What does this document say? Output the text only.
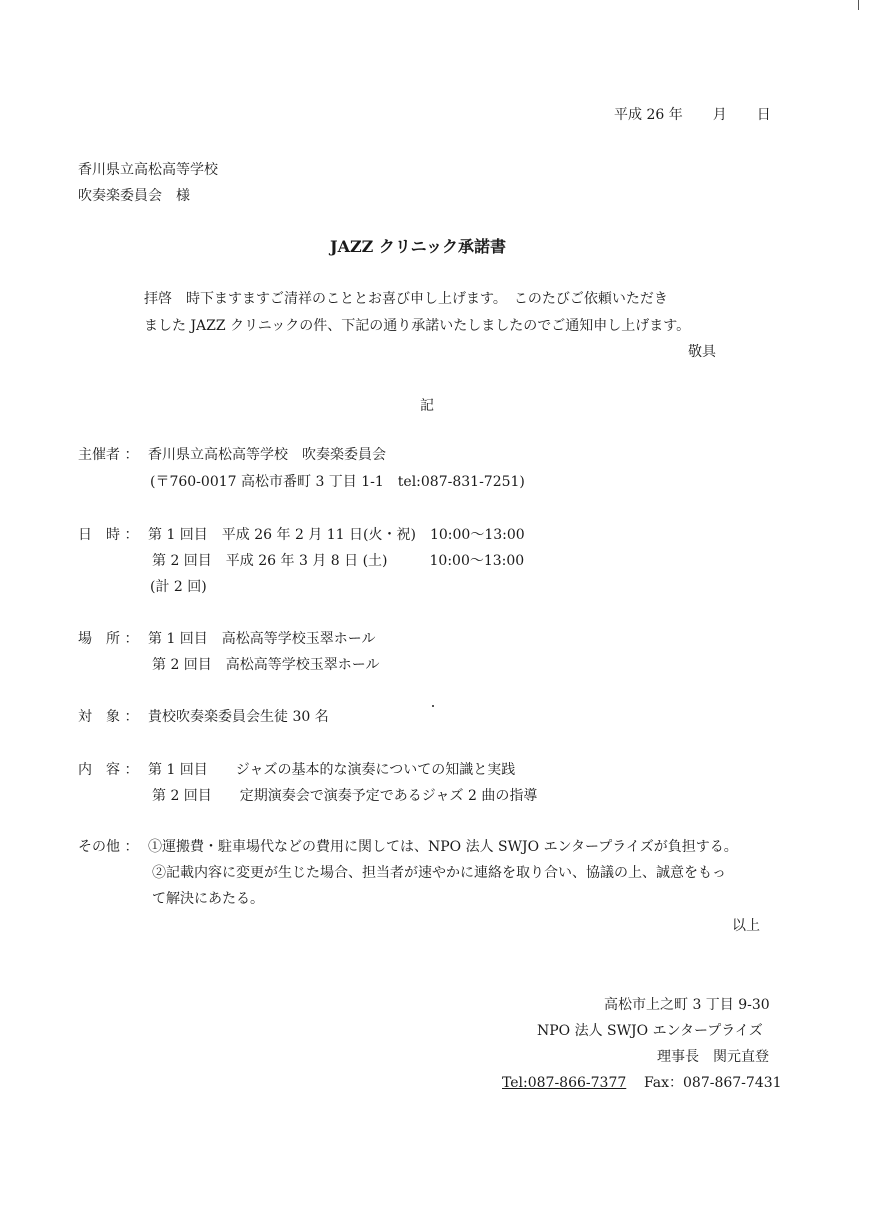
平成 26 年 月 日
香川県立高松高等学校
吹奏楽委員会　様
JAZZ クリニック承諾書
拝啓　時下ますますご清祥のこととお喜び申し上げます。　このたびご依頼いただき
ました JAZZ クリニックの件、下記の通り承諾いたしましたのでご通知申し上げます。
敬具
記
主催者 ： 香川県立高松高等学校　吹奏楽委員会
(〒760-0017 高松市番町 3 丁目 1-1　tel:087-831-7251)
日　時 ： 第 1 回目　平成 26 年 2 月 11 日(火・祝)　10:00〜13:00
第 2 回目　平成 26 年 3 月 8 日 (土)　　　10:00〜13:00
(計 2 回)
場　所 ： 第 1 回目　高松高等学校玉翠ホール
第 2 回目　高松高等学校玉翠ホール
対　象 ： 貴校吹奏楽委員会生徒 30 名
内　容 ： 第 1 回目　　ジャズの基本的な演奏についての知識と実践
第 2 回目　　定期演奏会で演奏予定であるジャズ 2 曲の指導
その他 ： ①運搬費・駐車場代などの費用に関しては、NPO 法人 SWJO エンタープライズが負担する。
②記載内容に変更が生じた場合、担当者が速やかに連絡を取り合い、協議の上、誠意をもっ
て解決にあたる。
以上
高松市上之町 3 丁目 9-30
NPO 法人 SWJO エンタープライズ
理事長　関元直登
Tel:087-866-7377 Fax：087-867-7431
